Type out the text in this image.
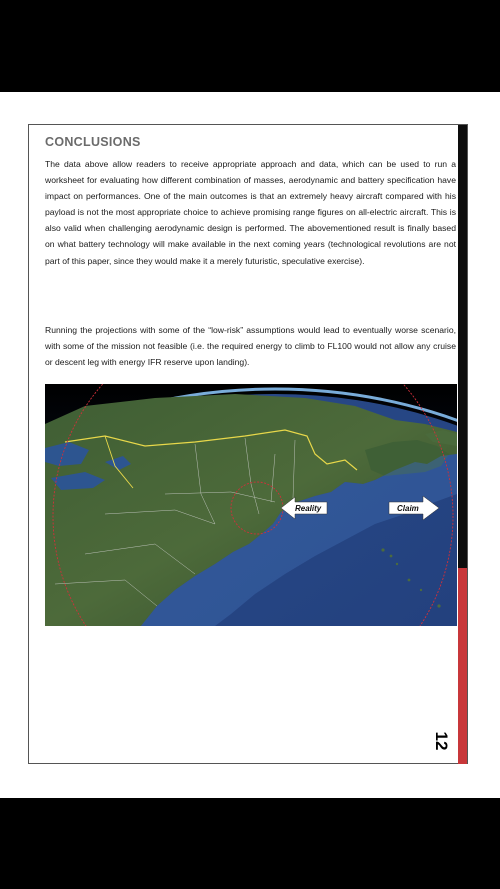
CONCLUSIONS

The data above allow readers to receive appropriate approach and data, which can be used to run a worksheet for evaluating how different combination of masses, aerodynamic and battery specification have impact on performances. One of the main outcomes is that an extremely heavy aircraft compared with his payload is not the most appropriate choice to achieve promising range figures on all-electric aircraft. This is also valid when challenging aerodynamic design is performed. The abovementioned result is finally based on what battery technology will make available in the next coming years (technological revolutions are not part of this paper, since they would make it a merely futuristic, speculative exercise).

Running the projections with some of the “low-risk” assumptions would lead to eventually worse scenario, with some of the mission not feasible (i.e. the required energy to climb to FL100 would not allow any cruise or descent leg with energy IFR reserve upon landing).

Reality	Claim
12
